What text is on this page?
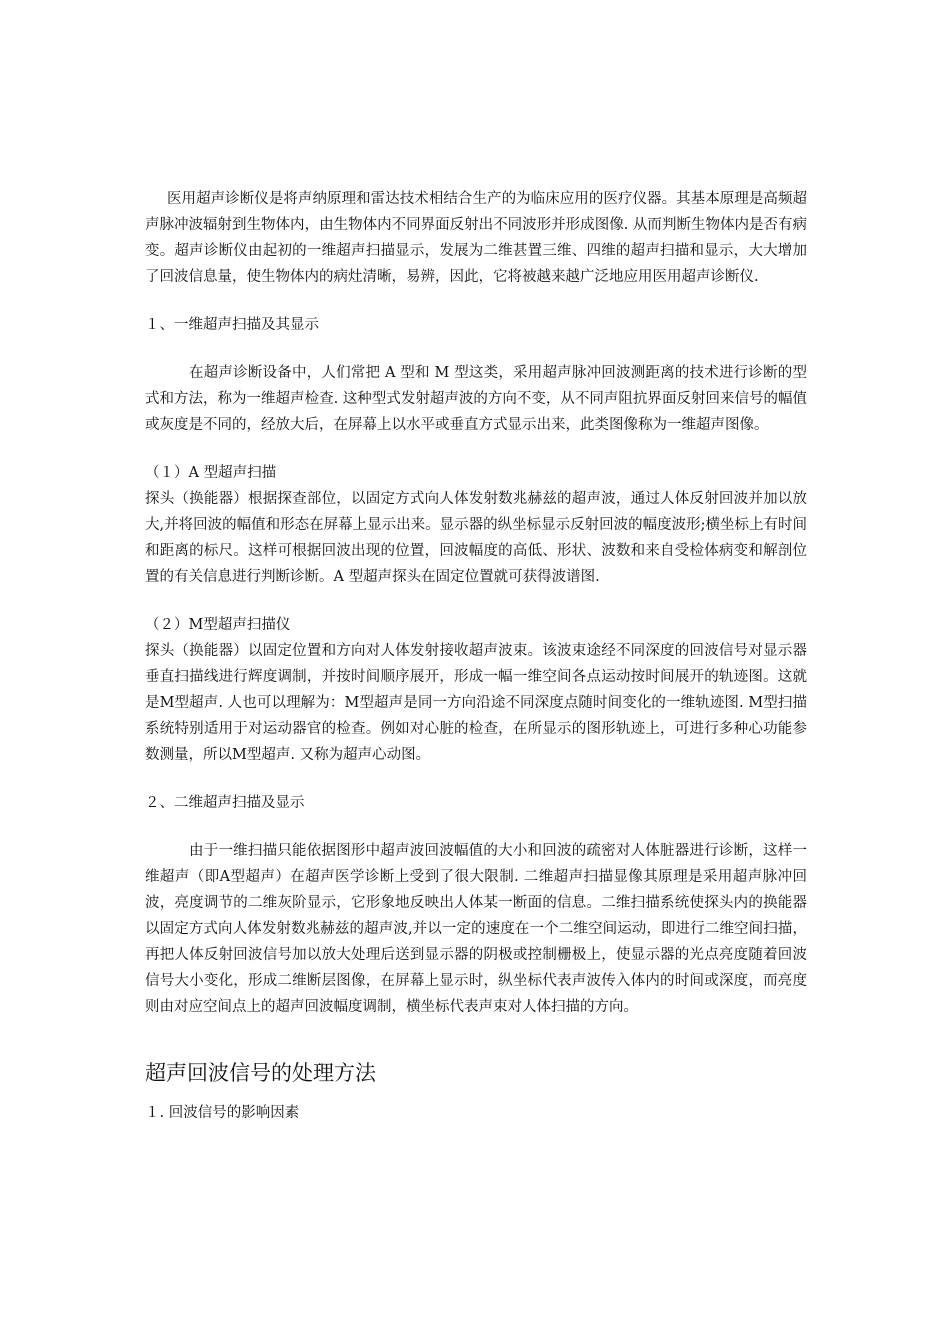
医用超声诊断仪是将声纳原理和雷达技术相结合生产的为临床应用的医疗仪器。其基本原理是高频超声脉冲波辐射到生物体内，由生物体内不同界面反射出不同波形并形成图像. 从而判断生物体内是否有病变。超声诊断仪由起初的一维超声扫描显示，发展为二维甚置三维、四维的超声扫描和显示，大大增加了回波信息量，使生物体内的病灶清晰，易辨，因此，它将被越来越广泛地应用医用超声诊断仪.

１、一维超声扫描及其显示

在超声诊断设备中，人们常把 A 型和 M 型这类，采用超声脉冲回波测距离的技术进行诊断的型式和方法，称为一维超声检查. 这种型式发射超声波的方向不变，从不同声阻抗界面反射回来信号的幅值或灰度是不同的，经放大后，在屏幕上以水平或垂直方式显示出来，此类图像称为一维超声图像。

（１）A 型超声扫描

探头（换能器）根据探查部位，以固定方式向人体发射数兆赫兹的超声波，通过人体反射回波并加以放大,并将回波的幅值和形态在屏幕上显示出来。显示器的纵坐标显示反射回波的幅度波形;横坐标上有时间和距离的标尺。这样可根据回波出现的位置，回波幅度的高低、形状、波数和来自受检体病变和解剖位置的有关信息进行判断诊断。A 型超声探头在固定位置就可获得波谱图.

（２）M型超声扫描仪

探头（换能器）以固定位置和方向对人体发射接收超声波束。该波束途经不同深度的回波信号对显示器垂直扫描线进行辉度调制，并按时间顺序展开，形成一幅一维空间各点运动按时间展开的轨迹图。这就是M型超声. 人也可以理解为：M型超声是同一方向沿途不同深度点随时间变化的一维轨迹图. M型扫描系统特别适用于对运动器官的检查。例如对心脏的检查，在所显示的图形轨迹上，可进行多种心功能参数测量，所以M型超声. 又称为超声心动图。

２、二维超声扫描及显示

由于一维扫描只能依据图形中超声波回波幅值的大小和回波的疏密对人体脏器进行诊断，这样一维超声（即A型超声）在超声医学诊断上受到了很大限制. 二维超声扫描显像其原理是采用超声脉冲回波，亮度调节的二维灰阶显示，它形象地反映出人体某一断面的信息。二维扫描系统使探头内的换能器以固定方式向人体发射数兆赫兹的超声波,并以一定的速度在一个二维空间运动，即进行二维空间扫描，再把人体反射回波信号加以放大处理后送到显示器的阴极或控制栅极上，使显示器的光点亮度随着回波信号大小变化，形成二维断层图像，在屏幕上显示时，纵坐标代表声波传入体内的时间或深度，而亮度则由对应空间点上的超声回波幅度调制，横坐标代表声束对人体扫描的方向。

超声回波信号的处理方法

１. 回波信号的影响因素
